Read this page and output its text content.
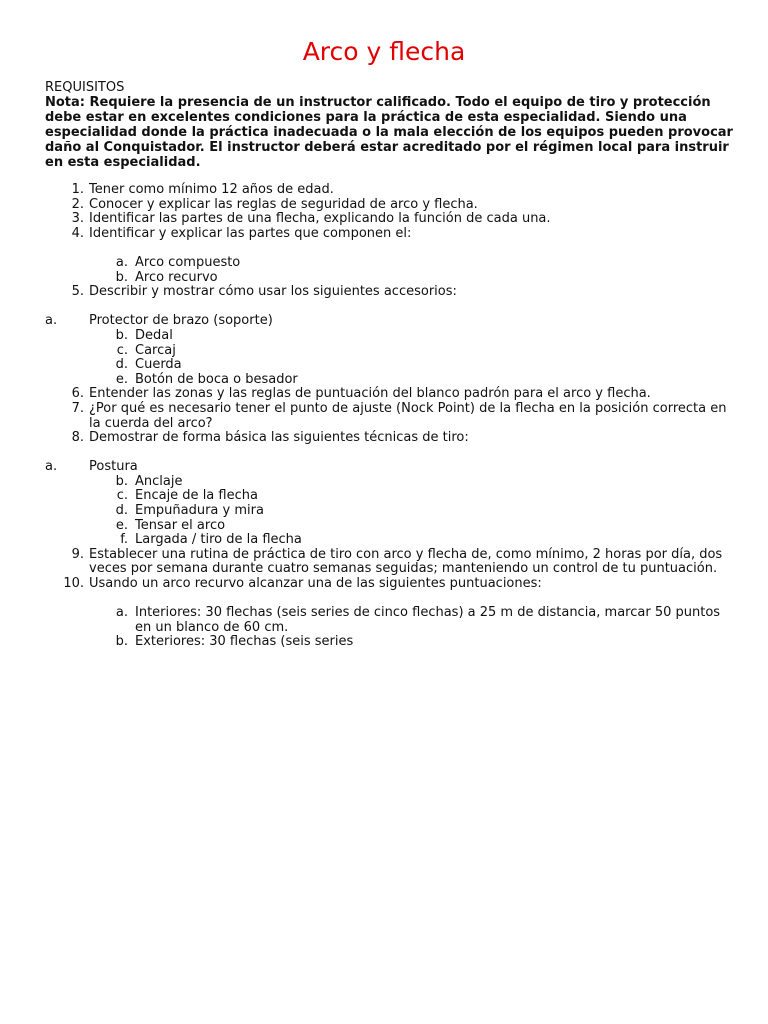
Arco y flecha
REQUISITOS
Nota: Requiere la presencia de un instructor calificado. Todo el equipo de tiro y protección debe estar en excelentes condiciones para la práctica de esta especialidad. Siendo una especialidad donde la práctica inadecuada o la mala elección de los equipos pueden provocar daño al Conquistador. El instructor deberá estar acreditado por el régimen local para instruir en esta especialidad.
1. Tener como mínimo 12 años de edad.
2. Conocer y explicar las reglas de seguridad de arco y flecha.
3. Identificar las partes de una flecha, explicando la función de cada una.
4. Identificar y explicar las partes que componen el:
a. Arco compuesto
b. Arco recurvo
5. Describir y mostrar cómo usar los siguientes accesorios:
a.	Protector de brazo (soporte)
b. Dedal
c. Carcaj
d. Cuerda
e. Botón de boca o besador
6. Entender las zonas y las reglas de puntuación del blanco padrón para el arco y flecha.
7. ¿Por qué es necesario tener el punto de ajuste (Nock Point) de la flecha en la posición correcta en la cuerda del arco?
8. Demostrar de forma básica las siguientes técnicas de tiro:
a.	Postura
b. Anclaje
c. Encaje de la flecha
d. Empuñadura y mira
e. Tensar el arco
f. Largada / tiro de la flecha
9. Establecer una rutina de práctica de tiro con arco y flecha de, como mínimo, 2 horas por día, dos veces por semana durante cuatro semanas seguidas; manteniendo un control de tu puntuación.
10. Usando un arco recurvo alcanzar una de las siguientes puntuaciones:
a. Interiores: 30 flechas (seis series de cinco flechas) a 25 m de distancia, marcar 50 puntos en un blanco de 60 cm.
b. Exteriores: 30 flechas (seis series
